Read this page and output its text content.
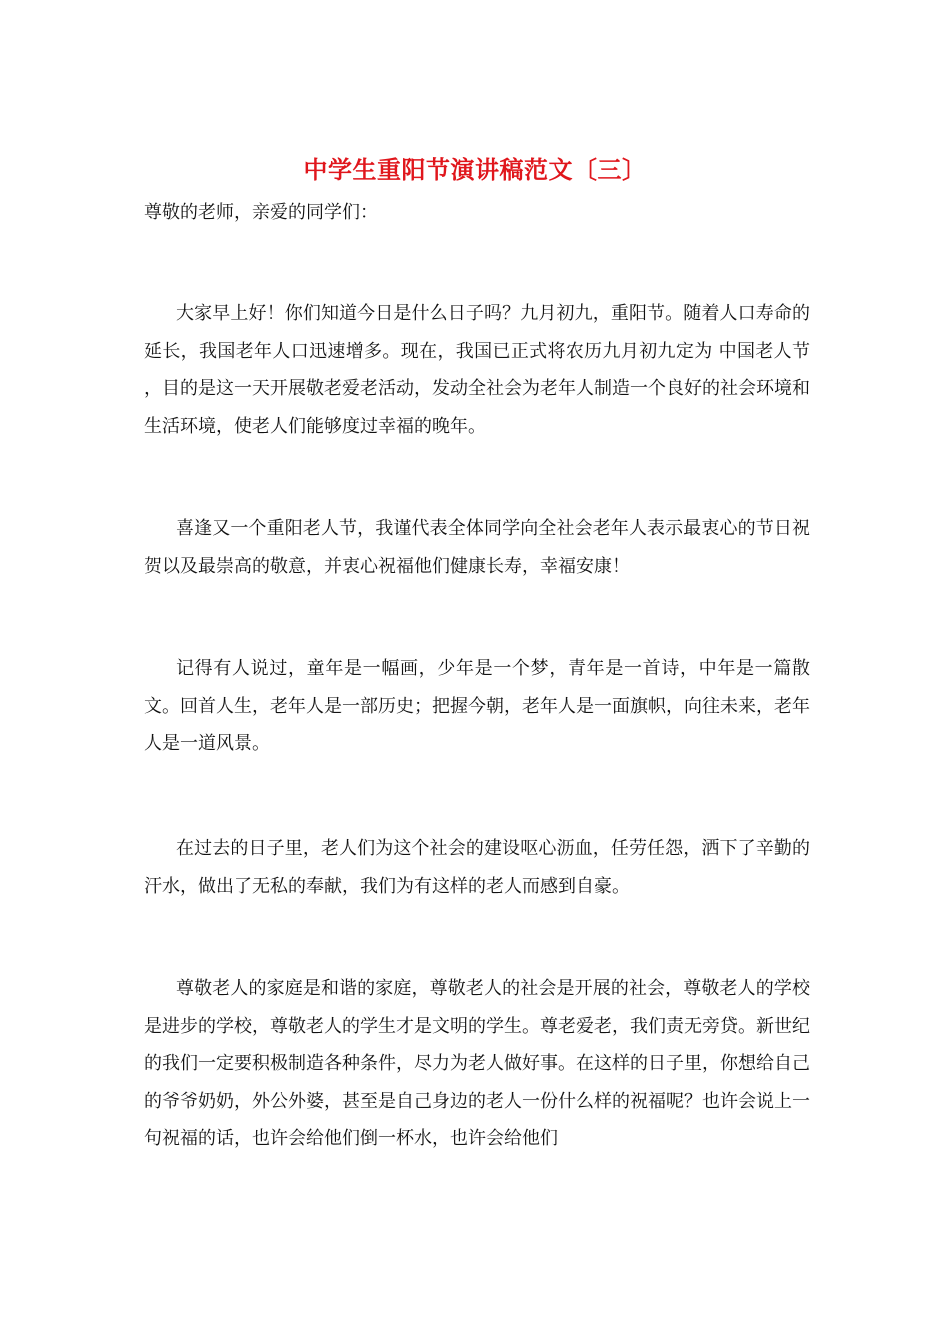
中学生重阳节演讲稿范文〔三〕
尊敬的老师，亲爱的同学们：

大家早上好！你们知道今日是什么日子吗？九月初九，重阳节。随着人口寿命的延长，我国老年人口迅速增多。现在，我国已正式将农历九月初九定为 中国老人节 ，目的是这一天开展敬老爱老活动，发动全社会为老年人制造一个良好的社会环境和生活环境，使老人们能够度过幸福的晚年。

喜逢又一个重阳老人节，我谨代表全体同学向全社会老年人表示最衷心的节日祝贺以及最崇高的敬意，并衷心祝福他们健康长寿，幸福安康！

记得有人说过，童年是一幅画，少年是一个梦，青年是一首诗，中年是一篇散文。回首人生，老年人是一部历史；把握今朝，老年人是一面旗帜，向往未来，老年人是一道风景。

在过去的日子里，老人们为这个社会的建设呕心沥血，任劳任怨，洒下了辛勤的汗水，做出了无私的奉献，我们为有这样的老人而感到自豪。

尊敬老人的家庭是和谐的家庭，尊敬老人的社会是开展的社会，尊敬老人的学校是进步的学校，尊敬老人的学生才是文明的学生。尊老爱老，我们责无旁贷。新世纪的我们一定要积极制造各种条件，尽力为老人做好事。在这样的日子里，你想给自己的爷爷奶奶，外公外婆，甚至是自己身边的老人一份什么样的祝福呢？也许会说上一句祝福的话，也许会给他们倒一杯水，也许会给他们
